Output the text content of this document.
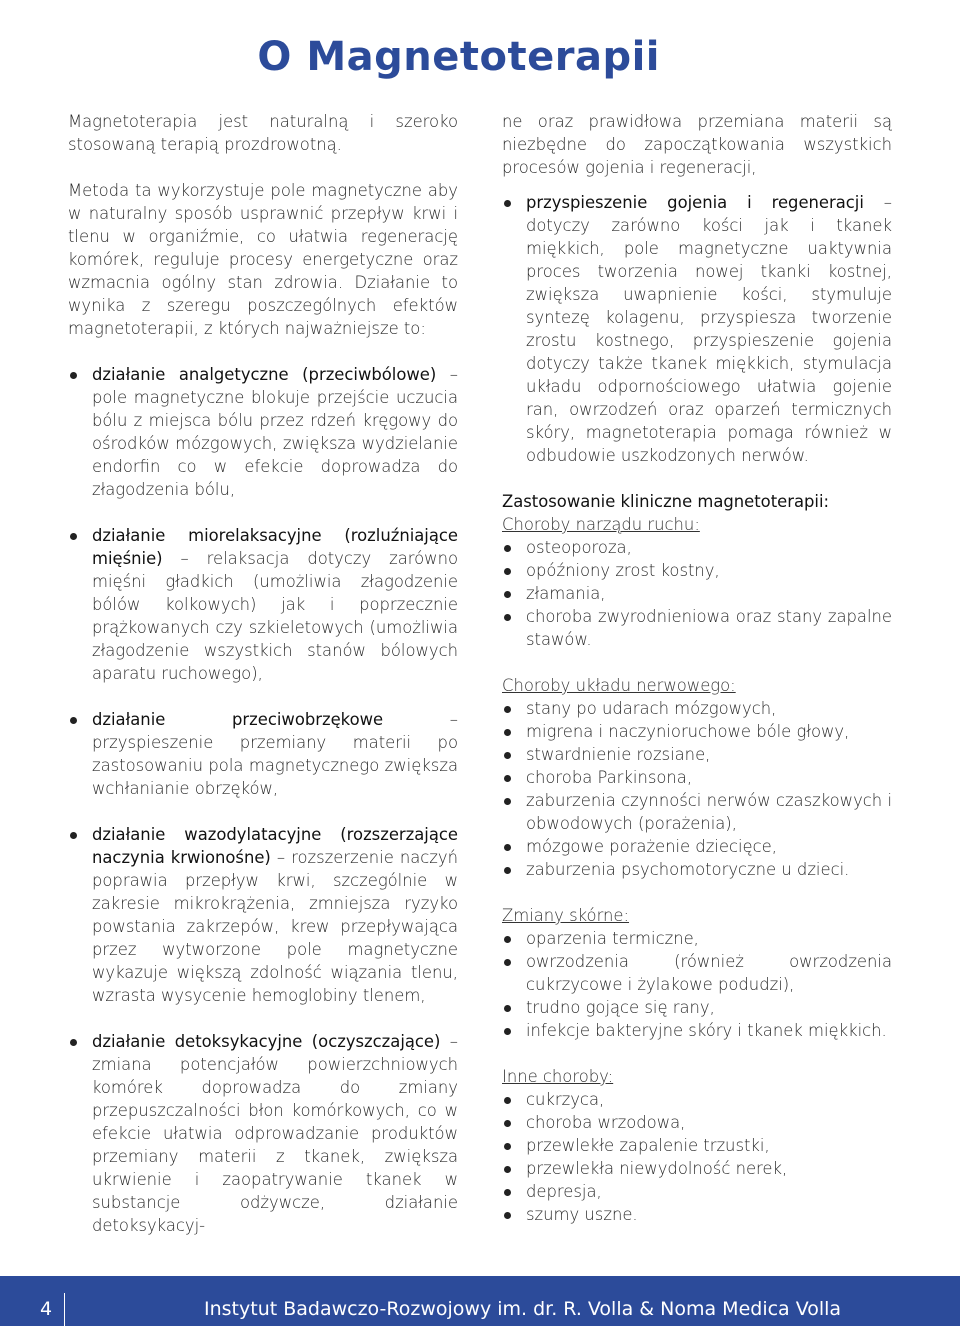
O Magnetoterapii

Magnetoterapia jest naturalną i szeroko stosowaną terapią prozdrowotną.

Metoda ta wykorzystuje pole magnetyczne aby w naturalny sposób usprawnić przepływ krwi i tlenu w organiźmie, co ułatwia regenerację komórek, reguluje procesy energetyczne oraz wzmacnia ogólny stan zdrowia. Działanie to wynika z szeregu poszczególnych efektów magnetoterapii, z których najważniejsze to:

działanie analgetyczne (przeciwbólowe) – pole magnetyczne blokuje przejście uczucia bólu z miejsca bólu przez rdzeń kręgowy do ośrodków mózgowych, zwiększa wydzielanie endorfin co w efekcie doprowadza do złagodzenia bólu,
działanie miorelaksacyjne (rozluźniające mięśnie) – relaksacja dotyczy zarówno mięśni gładkich (umożliwia złagodzenie bólów kolkowych) jak i poprzecznie prążkowanych czy szkieletowych (umożliwia złagodzenie wszystkich stanów bólowych aparatu ruchowego),
działanie przeciwobrzękowe – przyspieszenie przemiany materii po zastosowaniu pola magnetycznego zwiększa wchłanianie obrzęków,
działanie wazodylatacyjne (rozszerzające naczynia krwionośne) – rozszerzenie naczyń poprawia przepływ krwi, szczególnie w zakresie mikrokrążenia, zmniejsza ryzyko powstania zakrzepów, krew przepływająca przez wytworzone pole magnetyczne wykazuje większą zdolność wiązania tlenu, wzrasta wysycenie hemoglobiny tlenem,
działanie detoksykacyjne (oczyszczające) – zmiana potencjałów powierzchniowych komórek doprowadza do zmiany przepuszczalności błon komórkowych, co w efekcie ułatwia odprowadzanie produktów przemiany materii z tkanek, zwiększa ukrwienie i zaopatrywanie tkanek w substancje odżywcze, działanie detoksykacyj-

ne oraz prawidłowa przemiana materii są niezbędne do zapoczątkowania wszystkich procesów gojenia i regeneracji,

przyspieszenie gojenia i regeneracji – dotyczy zarówno kości jak i tkanek miękkich, pole magnetyczne uaktywnia proces tworzenia nowej tkanki kostnej, zwiększa uwapnienie kości, stymuluje syntezę kolagenu, przyspiesza tworzenie zrostu kostnego, przyspieszenie gojenia dotyczy także tkanek miękkich, stymulacja układu odpornościowego ułatwia gojenie ran, owrzodzeń oraz oparzeń termicznych skóry, magnetoterapia pomaga również w odbudowie uszkodzonych nerwów.

Zastosowanie kliniczne magnetoterapii:

Choroby narządu ruchu:

osteoporoza,
opóźniony zrost kostny,
złamania,
choroba zwyrodnieniowa oraz stany zapalne stawów.

Choroby układu nerwowego:

stany po udarach mózgowych,
migrena i naczynioruchowe bóle głowy,
stwardnienie rozsiane,
choroba Parkinsona,
zaburzenia czynności nerwów czaszkowych i obwodowych (porażenia),
mózgowe porażenie dziecięce,
zaburzenia psychomotoryczne u dzieci.

Zmiany skórne:

oparzenia termiczne,
owrzodzenia (również owrzodzenia cukrzycowe i żylakowe podudzi),
trudno gojące się rany,
infekcje bakteryjne skóry i tkanek miękkich.

Inne choroby:

cukrzyca,
choroba wrzodowa,
przewlekłe zapalenie trzustki,
przewlekła niewydolność nerek,
depresja,
szumy uszne.
4	Instytut Badawczo-Rozwojowy im. dr. R. Volla & Noma Medica Volla
